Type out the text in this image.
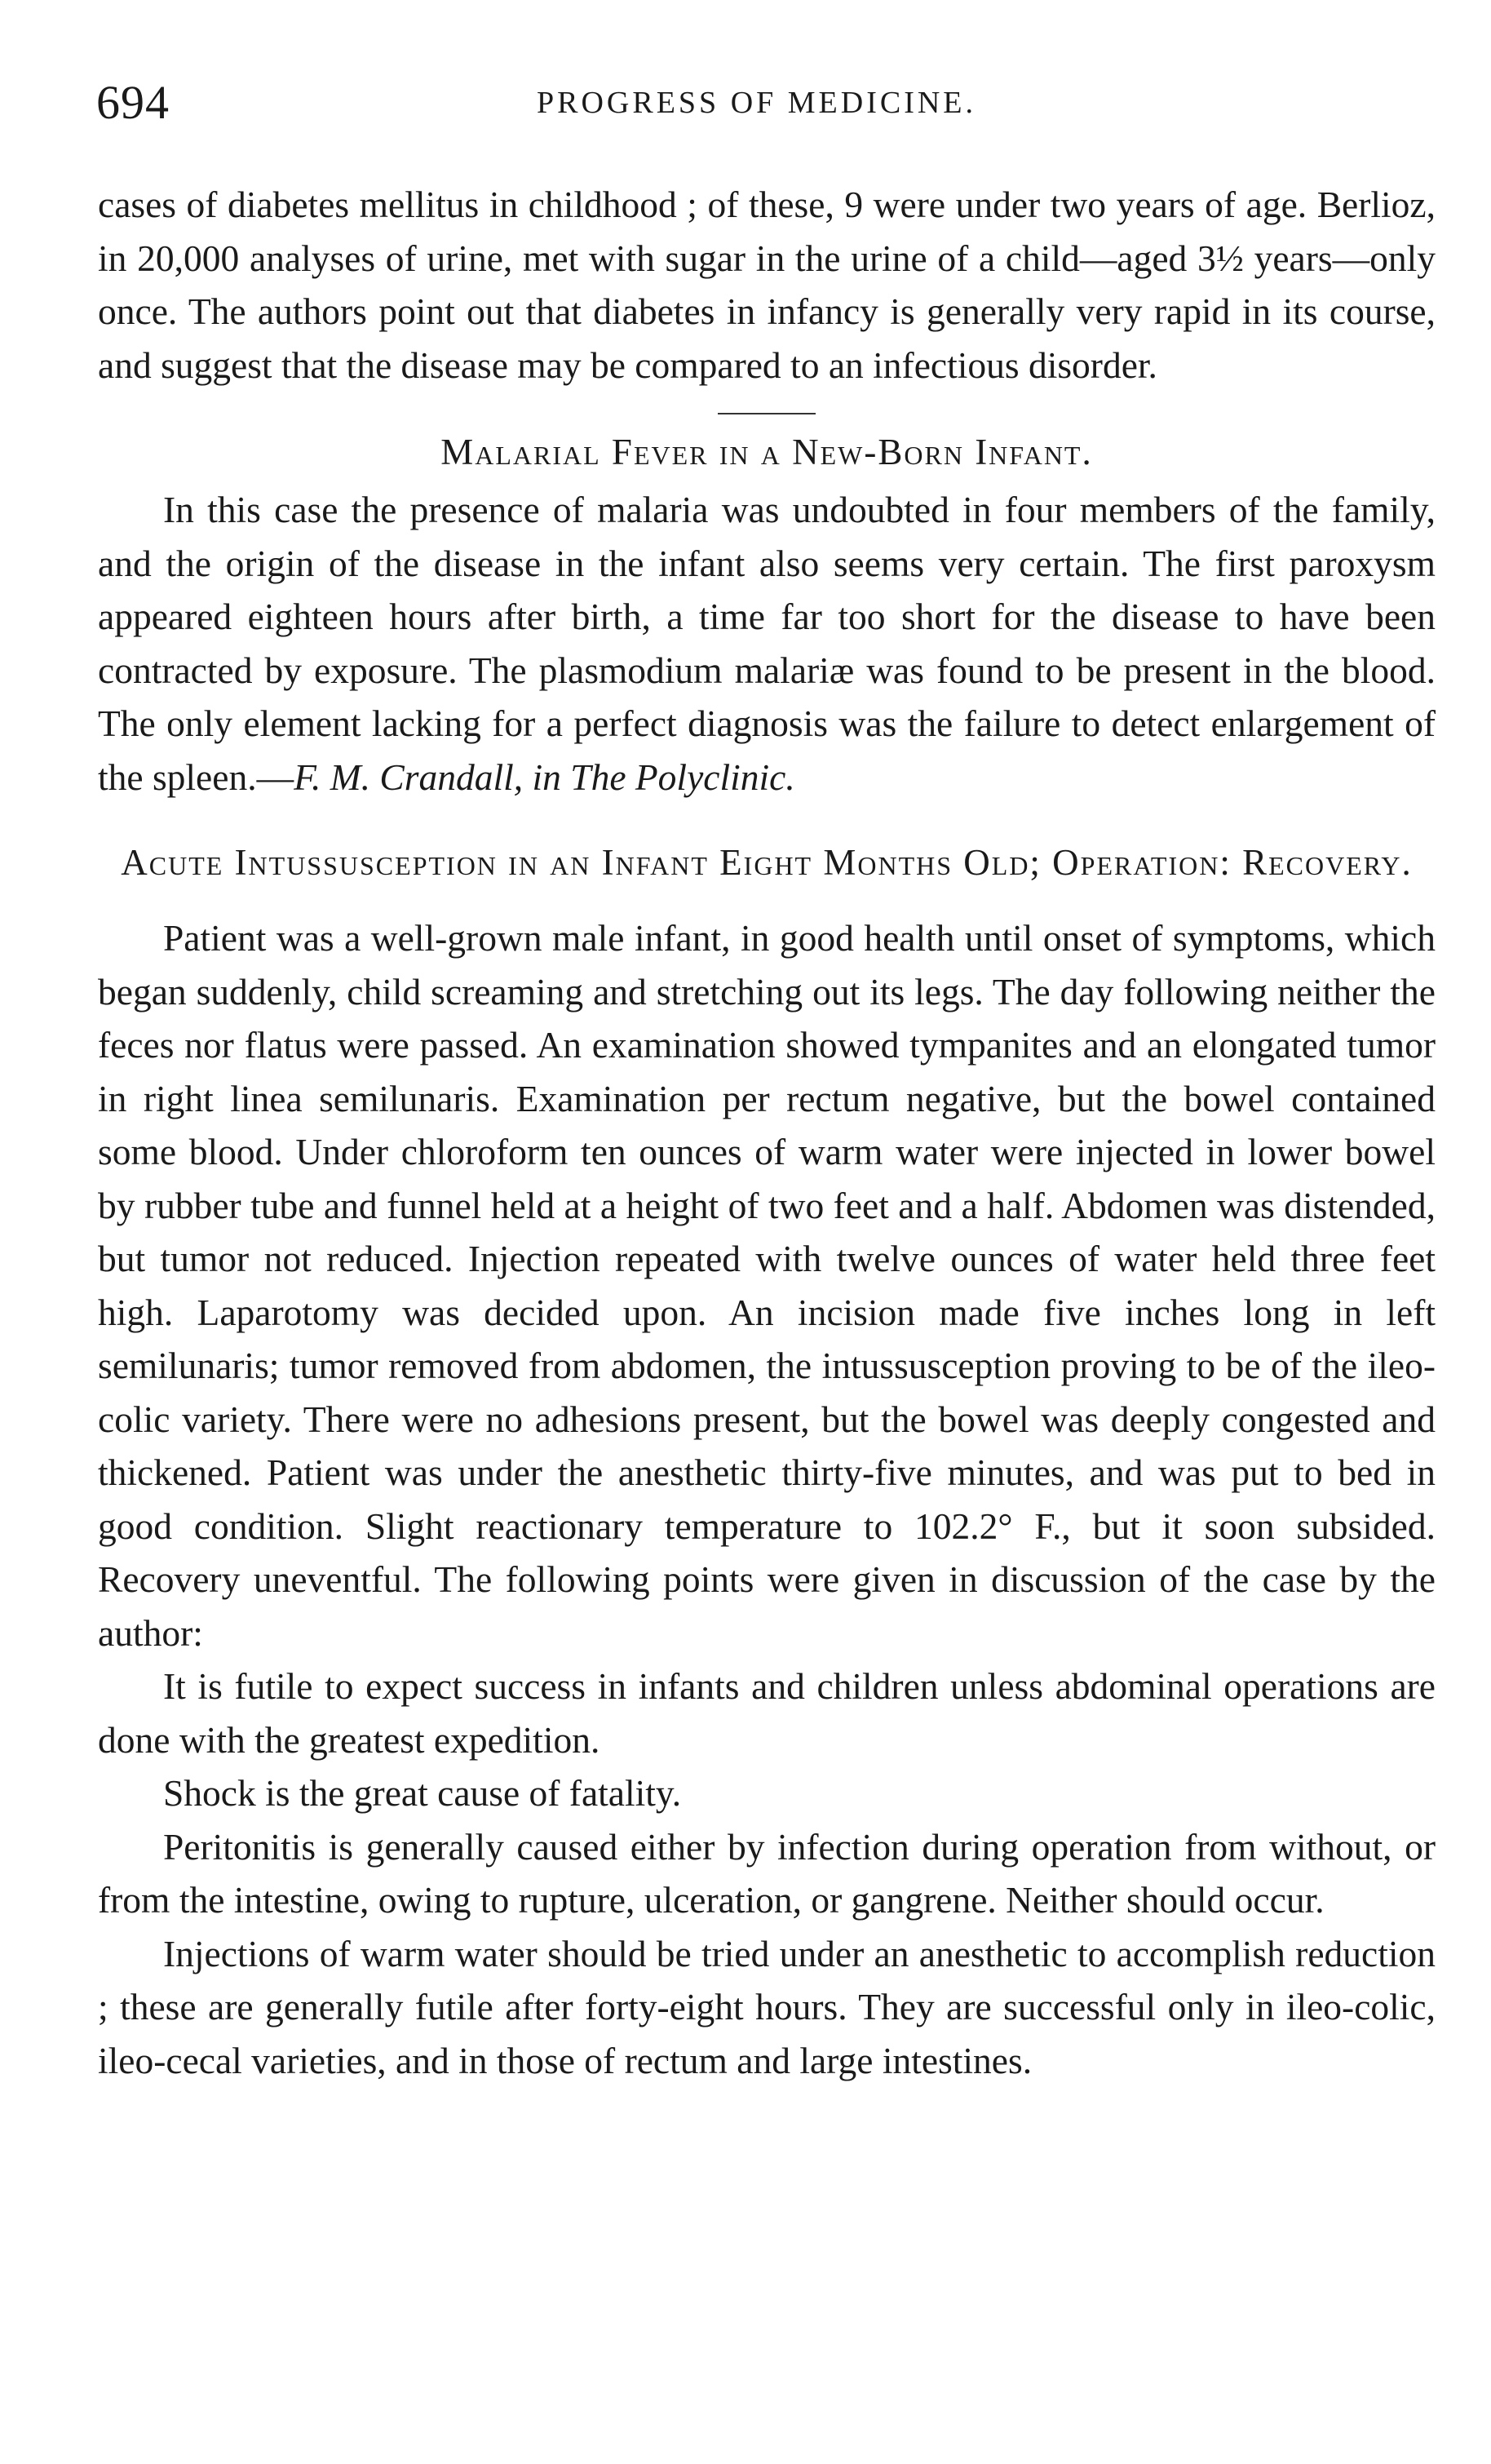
694	PROGRESS OF MEDICINE.

cases of diabetes mellitus in childhood ; of these, 9 were under two years of age. Berlioz, in 20,000 analyses of urine, met with sugar in the urine of a child—aged 3½ years—only once. The authors point out that diabetes in infancy is generally very rapid in its course, and suggest that the disease may be compared to an infectious disorder.

Malarial Fever in a New-Born Infant.

In this case the presence of malaria was undoubted in four members of the family, and the origin of the disease in the infant also seems very certain. The first paroxysm appeared eighteen hours after birth, a time far too short for the disease to have been contracted by exposure. The plasmodium malariæ was found to be present in the blood. The only element lacking for a perfect diagnosis was the failure to detect enlargement of the spleen.—F. M. Crandall, in The Polyclinic.

Acute Intussusception in an Infant Eight Months Old; Operation: Recovery.

Patient was a well-grown male infant, in good health until onset of symptoms, which began suddenly, child screaming and stretching out its legs. The day following neither the feces nor flatus were passed. An examination showed tympanites and an elongated tumor in right linea semilunaris. Examination per rectum negative, but the bowel contained some blood. Under chloroform ten ounces of warm water were injected in lower bowel by rubber tube and funnel held at a height of two feet and a half. Abdomen was distended, but tumor not reduced. Injection repeated with twelve ounces of water held three feet high. Laparotomy was decided upon. An incision made five inches long in left semilunaris; tumor removed from abdomen, the intussusception proving to be of the ileo-colic variety. There were no adhesions present, but the bowel was deeply congested and thickened. Patient was under the anesthetic thirty-five minutes, and was put to bed in good condition. Slight reactionary temperature to 102.2° F., but it soon subsided. Recovery uneventful. The following points were given in discussion of the case by the author:

It is futile to expect success in infants and children unless abdominal operations are done with the greatest expedition.

Shock is the great cause of fatality.

Peritonitis is generally caused either by infection during operation from without, or from the intestine, owing to rupture, ulceration, or gangrene. Neither should occur.

Injections of warm water should be tried under an anesthetic to accomplish reduction ; these are generally futile after forty-eight hours. They are successful only in ileo-colic, ileo-cecal varieties, and in those of rectum and large intestines.
